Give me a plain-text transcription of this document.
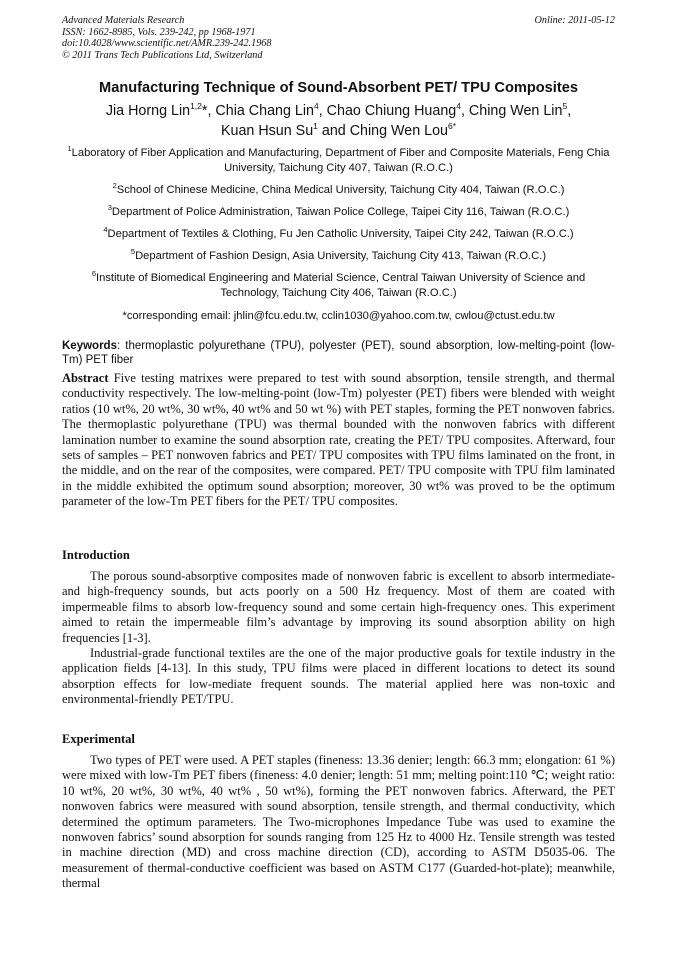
Advanced Materials Research
ISSN: 1662-8985, Vols. 239-242, pp 1968-1971
doi:10.4028/www.scientific.net/AMR.239-242.1968
© 2011 Trans Tech Publications Ltd, Switzerland
Online: 2011-05-12
Manufacturing Technique of Sound-Absorbent PET/ TPU Composites
Jia Horng Lin$^{1,2}$*, Chia Chang Lin$^4$, Chao Chiung Huang$^4$, Ching Wen Lin$^5$,
Kuan Hsun Su$^1$ and Ching Wen Lou$^{6*}$
$^1$Laboratory of Fiber Application and Manufacturing, Department of Fiber and Composite Materials, Feng Chia University, Taichung City 407, Taiwan (R.O.C.)
$^2$School of Chinese Medicine, China Medical University, Taichung City 404, Taiwan (R.O.C.)
$^3$Department of Police Administration, Taiwan Police College, Taipei City 116, Taiwan (R.O.C.)
$^4$Department of Textiles & Clothing, Fu Jen Catholic University, Taipei City 242, Taiwan (R.O.C.)
$^5$Department of Fashion Design, Asia University, Taichung City 413, Taiwan (R.O.C.)
$^6$Institute of Biomedical Engineering and Material Science, Central Taiwan University of Science and Technology, Taichung City 406, Taiwan (R.O.C.)
*corresponding email: jhlin@fcu.edu.tw, cclin1030@yahoo.com.tw, cwlou@ctust.edu.tw
Keywords: thermoplastic polyurethane (TPU), polyester (PET), sound absorption, low-melting-point (low-Tm) PET fiber
Abstract Five testing matrixes were prepared to test with sound absorption, tensile strength, and thermal conductivity respectively. The low-melting-point (low-Tm) polyester (PET) fibers were blended with weight ratios (10 wt%, 20 wt%, 30 wt%, 40 wt% and 50 wt %) with PET staples, forming the PET nonwoven fabrics. The thermoplastic polyurethane (TPU) was thermal bounded with the nonwoven fabrics with different lamination number to examine the sound absorption rate, creating the PET/ TPU composites. Afterward, four sets of samples – PET nonwoven fabrics and PET/ TPU composites with TPU films laminated on the front, in the middle, and on the rear of the composites, were compared. PET/ TPU composite with TPU film laminated in the middle exhibited the optimum sound absorption; moreover, 30 wt% was proved to be the optimum parameter of the low-Tm PET fibers for the PET/ TPU composites.
Introduction

The porous sound-absorptive composites made of nonwoven fabric is excellent to absorb intermediate- and high-frequency sounds, but acts poorly on a 500 Hz frequency. Most of them are coated with impermeable films to absorb low-frequency sound and some certain high-frequency ones. This experiment aimed to retain the impermeable film’s advantage by improving its sound absorption ability on high frequencies [1-3].

Industrial-grade functional textiles are the one of the major productive goals for textile industry in the application fields [4-13]. In this study, TPU films were placed in different locations to detect its sound absorption effects for low-mediate frequent sounds. The material applied here was non-toxic and environmental-friendly PET/TPU.

Experimental

Two types of PET were used. A PET staples (fineness: 13.36 denier; length: 66.3 mm; elongation: 61 %) were mixed with low-Tm PET fibers (fineness: 4.0 denier; length: 51 mm; melting point:110 ℃; weight ratio: 10 wt%, 20 wt%, 30 wt%, 40 wt% , 50 wt%), forming the PET nonwoven fabrics. Afterward, the PET nonwoven fabrics were measured with sound absorption, tensile strength, and thermal conductivity, which determined the optimum parameters. The Two-microphones Impedance Tube was used to examine the nonwoven fabrics’ sound absorption for sounds ranging from 125 Hz to 4000 Hz. Tensile strength was tested in machine direction (MD) and cross machine direction (CD), according to ASTM D5035-06. The measurement of thermal-conductive coefficient was based on ASTM C177 (Guarded-hot-plate); meanwhile, thermal
